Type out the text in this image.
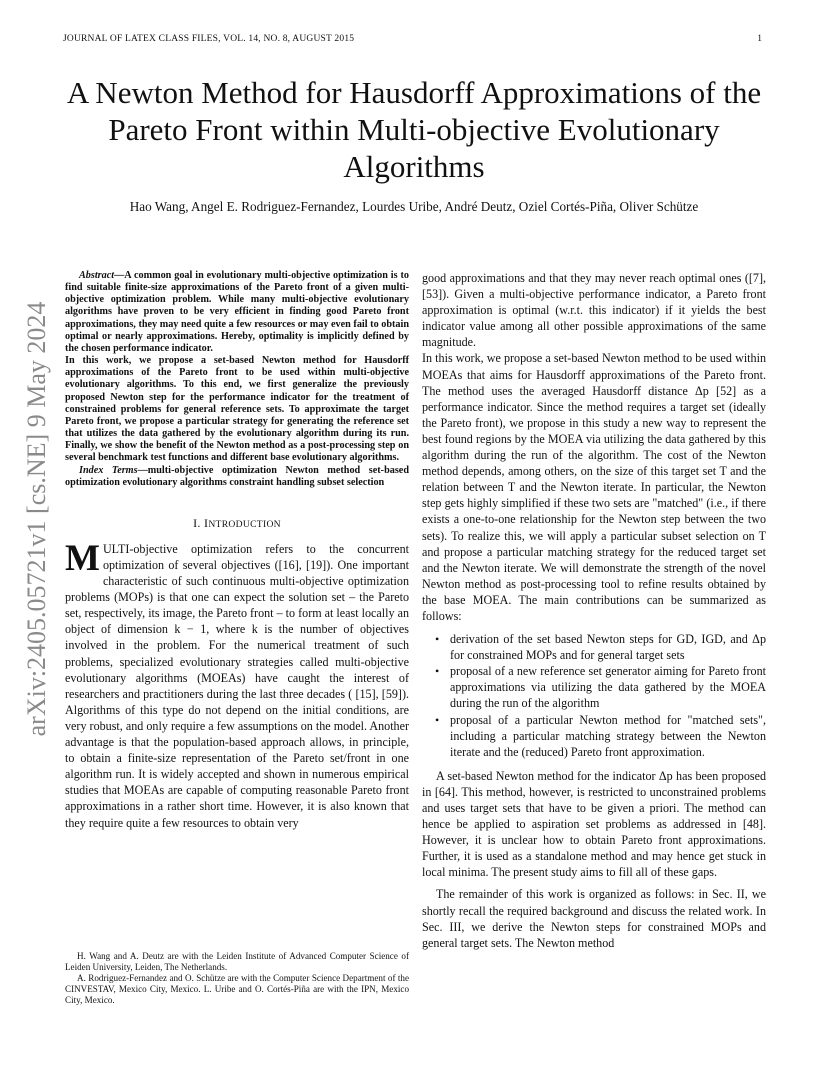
JOURNAL OF LATEX CLASS FILES, VOL. 14, NO. 8, AUGUST 2015	1
A Newton Method for Hausdorff Approximations of the Pareto Front within Multi-objective Evolutionary Algorithms
Hao Wang, Angel E. Rodriguez-Fernandez, Lourdes Uribe, André Deutz, Oziel Cortés-Piña, Oliver Schütze
arXiv:2405.05721v1 [cs.NE] 9 May 2024

Abstract—A common goal in evolutionary multi-objective optimization is to find suitable finite-size approximations of the Pareto front of a given multi-objective optimization problem. While many multi-objective evolutionary algorithms have proven to be very efficient in finding good Pareto front approximations, they may need quite a few resources or may even fail to obtain optimal or nearly approximations. Hereby, optimality is implicitly defined by the chosen performance indicator.

In this work, we propose a set-based Newton method for Hausdorff approximations of the Pareto front to be used within multi-objective evolutionary algorithms. To this end, we first generalize the previously proposed Newton step for the performance indicator for the treatment of constrained problems for general reference sets. To approximate the target Pareto front, we propose a particular strategy for generating the reference set that utilizes the data gathered by the evolutionary algorithm during its run. Finally, we show the benefit of the Newton method as a post-processing step on several benchmark test functions and different base evolutionary algorithms.

Index Terms—multi-objective optimization Newton method set-based optimization evolutionary algorithms constraint handling subset selection

I. INTRODUCTION

MULTI-objective optimization refers to the concurrent optimization of several objectives ([16], [19]). One important characteristic of such continuous multi-objective optimization problems (MOPs) is that one can expect the solution set – the Pareto set, respectively, its image, the Pareto front – to form at least locally an object of dimension k − 1, where k is the number of objectives involved in the problem. For the numerical treatment of such problems, specialized evolutionary strategies called multi-objective evolutionary algorithms (MOEAs) have caught the interest of researchers and practitioners during the last three decades ( [15], [59]). Algorithms of this type do not depend on the initial conditions, are very robust, and only require a few assumptions on the model. Another advantage is that the population-based approach allows, in principle, to obtain a finite-size representation of the Pareto set/front in one algorithm run. It is widely accepted and shown in numerous empirical studies that MOEAs are capable of computing reasonable Pareto front approximations in a rather short time. However, it is also known that they require quite a few resources to obtain very

H. Wang and A. Deutz are with the Leiden Institute of Advanced Computer Science of Leiden University, Leiden, The Netherlands.

A. Rodriguez-Fernandez and O. Schütze are with the Computer Science Department of the CINVESTAV, Mexico City, Mexico. L. Uribe and O. Cortés-Piña are with the IPN, Mexico City, Mexico.

good approximations and that they may never reach optimal ones ([7], [53]). Given a multi-objective performance indicator, a Pareto front approximation is optimal (w.r.t. this indicator) if it yields the best indicator value among all other possible approximations of the same magnitude.

In this work, we propose a set-based Newton method to be used within MOEAs that aims for Hausdorff approximations of the Pareto front. The method uses the averaged Hausdorff distance Δp [52] as a performance indicator. Since the method requires a target set (ideally the Pareto front), we propose in this study a new way to represent the best found regions by the MOEA via utilizing the data gathered by this algorithm during the run of the algorithm. The cost of the Newton method depends, among others, on the size of this target set T and the relation between T and the Newton iterate. In particular, the Newton step gets highly simplified if these two sets are "matched" (i.e., if there exists a one-to-one relationship for the Newton step between the two sets). To realize this, we will apply a particular subset selection on T and propose a particular matching strategy for the reduced target set and the Newton iterate. We will demonstrate the strength of the novel Newton method as post-processing tool to refine results obtained by the base MOEA. The main contributions can be summarized as follows:

• derivation of the set based Newton steps for GD, IGD, and Δp for constrained MOPs and for general target sets
• proposal of a new reference set generator aiming for Pareto front approximations via utilizing the data gathered by the MOEA during the run of the algorithm
• proposal of a particular Newton method for "matched sets", including a particular matching strategy between the Newton iterate and the (reduced) Pareto front approximation.

A set-based Newton method for the indicator Δp has been proposed in [64]. This method, however, is restricted to unconstrained problems and uses target sets that have to be given a priori. The method can hence be applied to aspiration set problems as addressed in [48]. However, it is unclear how to obtain Pareto front approximations. Further, it is used as a standalone method and may hence get stuck in local minima. The present study aims to fill all of these gaps.

The remainder of this work is organized as follows: in Sec. II, we shortly recall the required background and discuss the related work. In Sec. III, we derive the Newton steps for constrained MOPs and general target sets. The Newton method
